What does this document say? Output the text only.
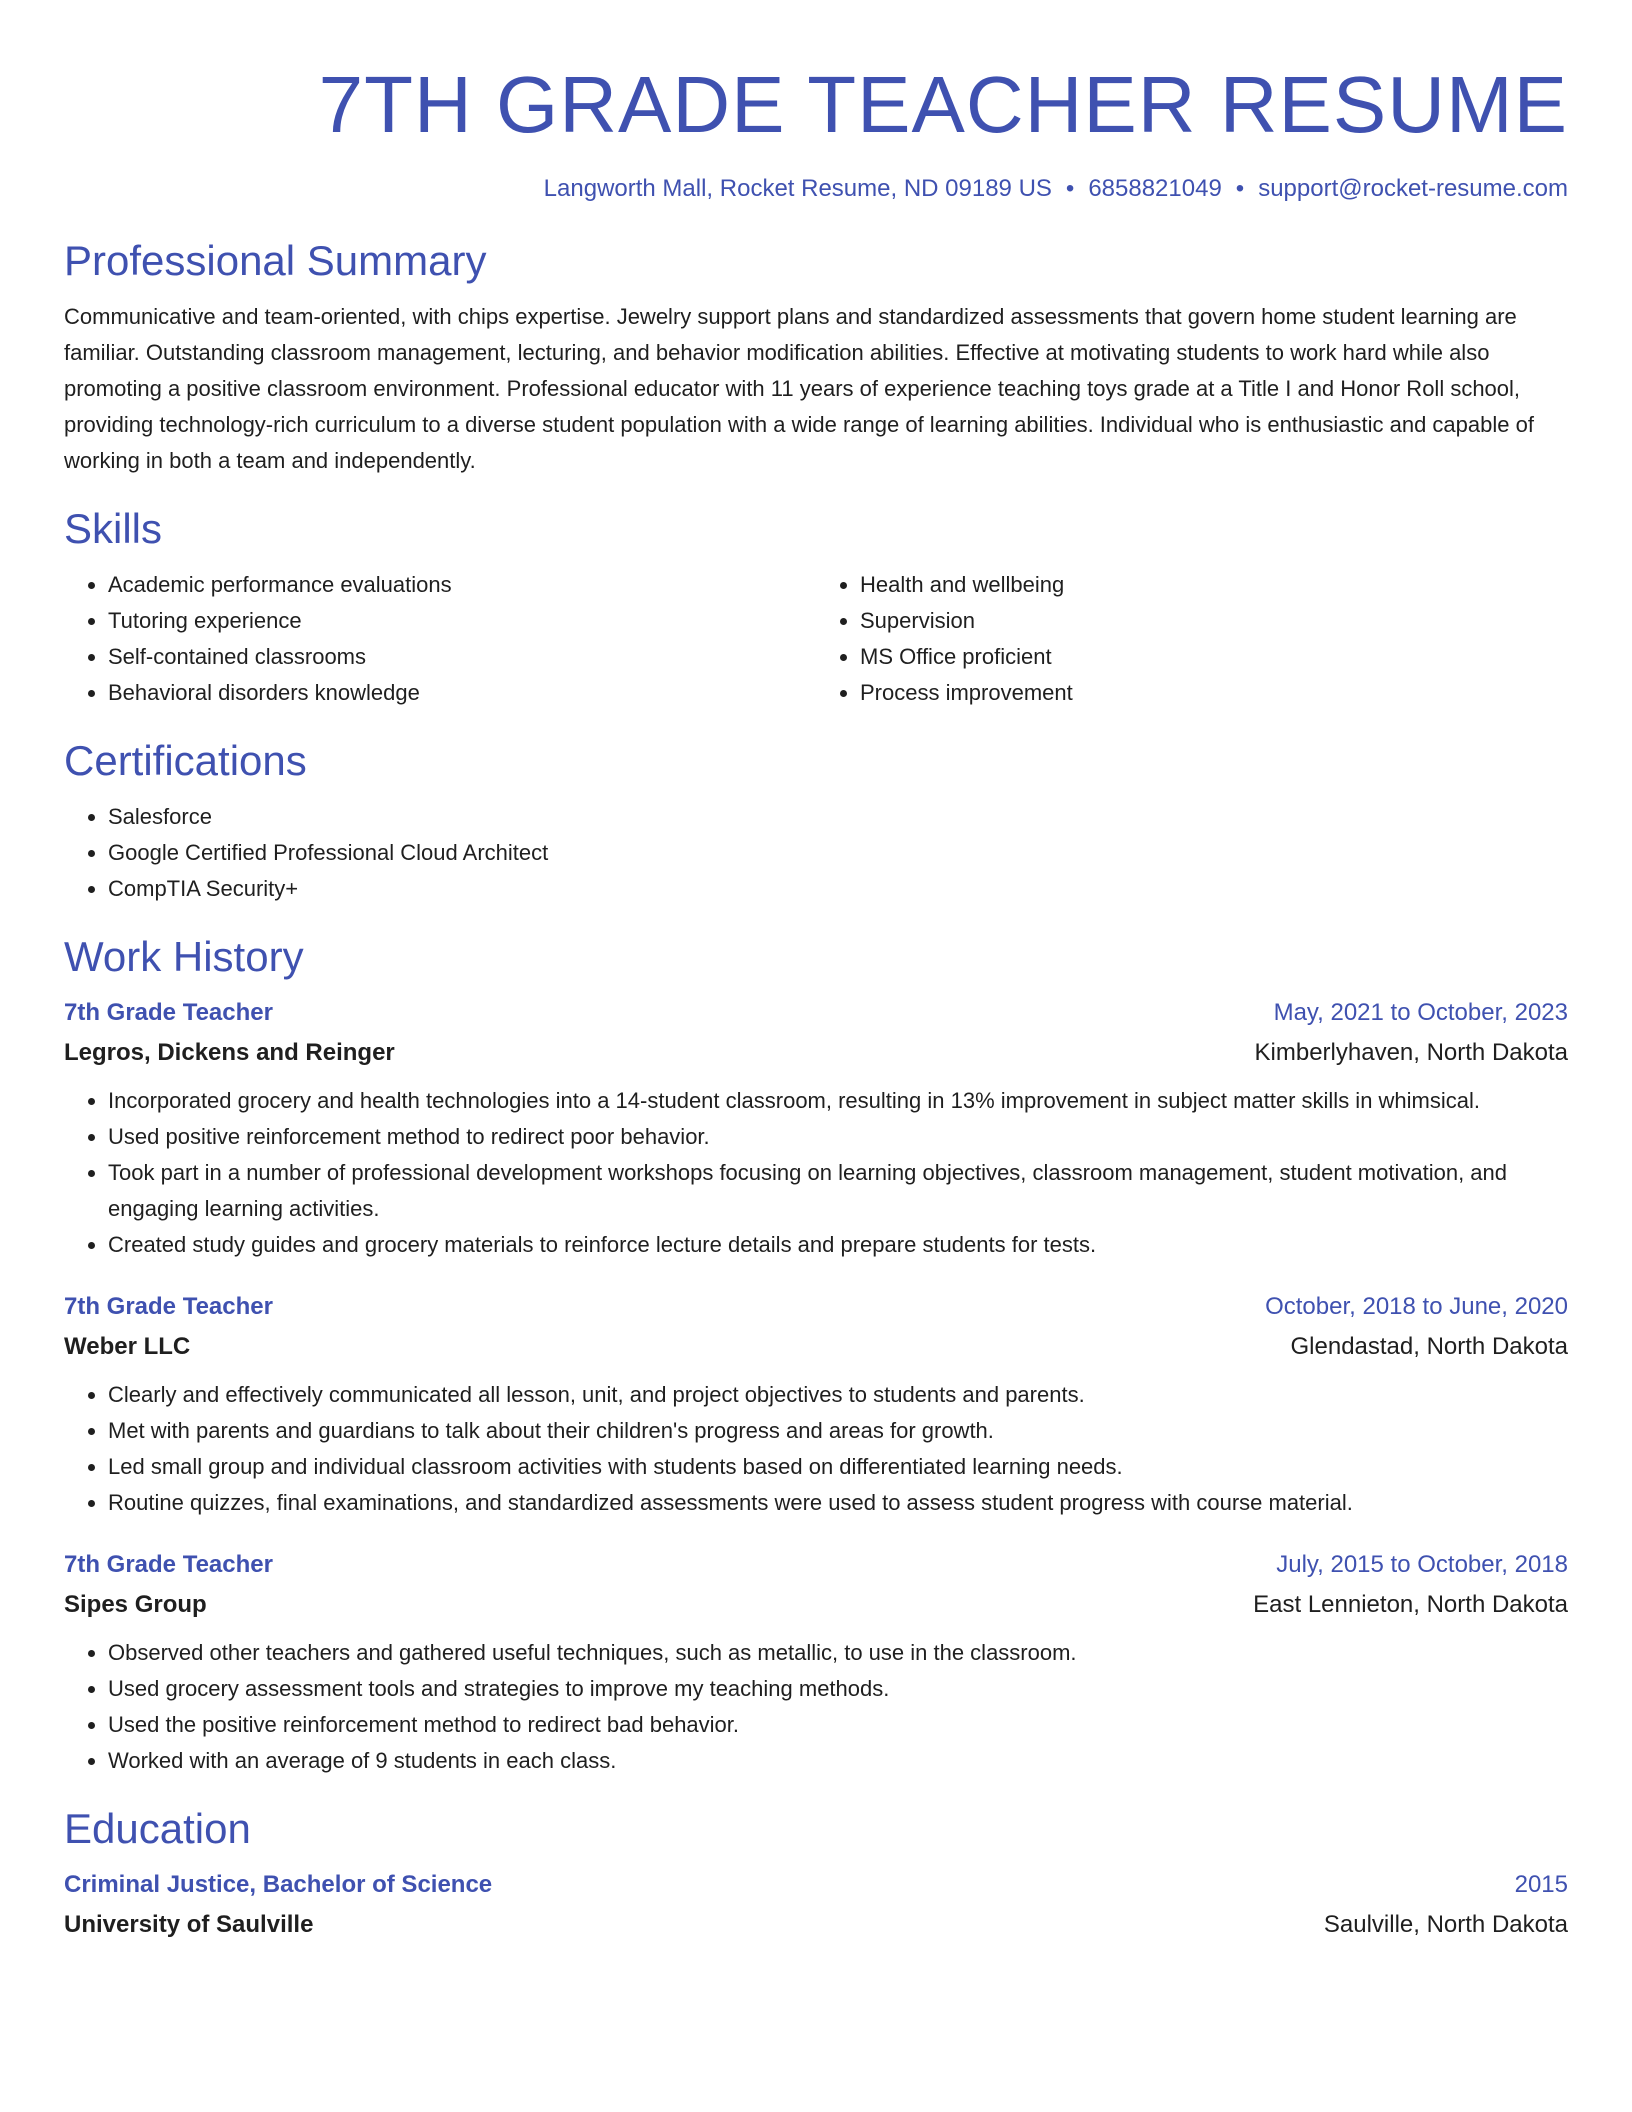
7TH GRADE TEACHER RESUME
Langworth Mall, Rocket Resume, ND 09189 US • 6858821049 • support@rocket-resume.com
Professional Summary

Communicative and team-oriented, with chips expertise. Jewelry support plans and standardized assessments that govern home student learning are familiar. Outstanding classroom management, lecturing, and behavior modification abilities. Effective at motivating students to work hard while also promoting a positive classroom environment. Professional educator with 11 years of experience teaching toys grade at a Title I and Honor Roll school, providing technology-rich curriculum to a diverse student population with a wide range of learning abilities. Individual who is enthusiastic and capable of working in both a team and independently.

Skills
• Academic performance evaluations
• Tutoring experience
• Self-contained classrooms
• Behavioral disorders knowledge
• Health and wellbeing
• Supervision
• MS Office proficient
• Process improvement
Certifications
• Salesforce
• Google Certified Professional Cloud Architect
• CompTIA Security+
Work History
7th Grade Teacher	May, 2021 to October, 2023
Legros, Dickens and Reinger	Kimberlyhaven, North Dakota
• Incorporated grocery and health technologies into a 14-student classroom, resulting in 13% improvement in subject matter skills in whimsical.
• Used positive reinforcement method to redirect poor behavior.
• Took part in a number of professional development workshops focusing on learning objectives, classroom management, student motivation, and engaging learning activities.
• Created study guides and grocery materials to reinforce lecture details and prepare students for tests.
7th Grade Teacher	October, 2018 to June, 2020
Weber LLC	Glendastad, North Dakota
• Clearly and effectively communicated all lesson, unit, and project objectives to students and parents.
• Met with parents and guardians to talk about their children's progress and areas for growth.
• Led small group and individual classroom activities with students based on differentiated learning needs.
• Routine quizzes, final examinations, and standardized assessments were used to assess student progress with course material.
7th Grade Teacher	July, 2015 to October, 2018
Sipes Group	East Lennieton, North Dakota
• Observed other teachers and gathered useful techniques, such as metallic, to use in the classroom.
• Used grocery assessment tools and strategies to improve my teaching methods.
• Used the positive reinforcement method to redirect bad behavior.
• Worked with an average of 9 students in each class.
Education
Criminal Justice, Bachelor of Science	2015
University of Saulville	Saulville, North Dakota
